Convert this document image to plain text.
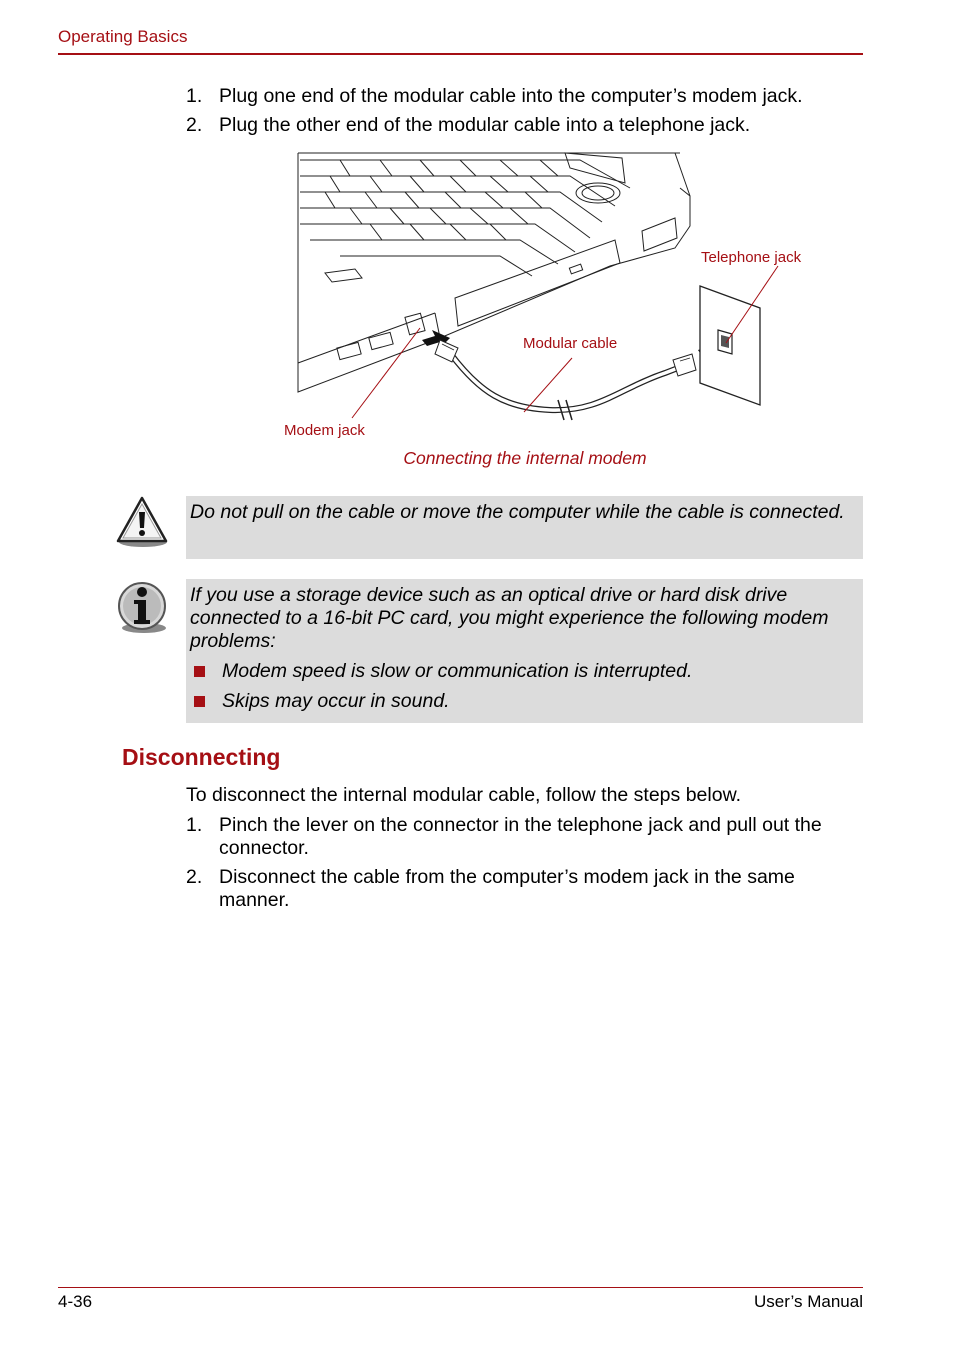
Operating Basics
1. Plug one end of the modular cable into the computer’s modem jack.
2. Plug the other end of the modular cable into a telephone jack.
Telephone jack
Modular cable
Modem jack
Connecting the internal modem
Do not pull on the cable or move the computer while the cable is connected.
If you use a storage device such as an optical drive or hard disk drive connected to a 16-bit PC card, you might experience the following modem problems:
Modem speed is slow or communication is interrupted.
Skips may occur in sound.
Disconnecting
To disconnect the internal modular cable, follow the steps below.
1. Pinch the lever on the connector in the telephone jack and pull out the connector.
2. Disconnect the cable from the computer’s modem jack in the same manner.
4-36	User’s Manual
